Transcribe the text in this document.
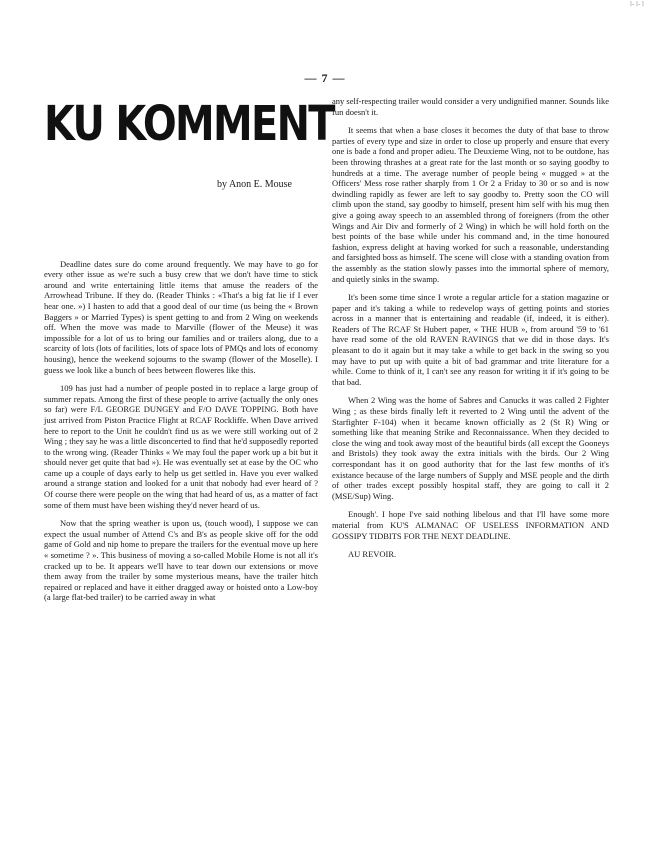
l- l- l
— 7 —
KU KOMMENT
by Anon E. Mouse

Deadline dates sure do come around frequently. We may have to go for every other issue as we're such a busy crew that we don't have time to stick around and write entertaining little items that amuse the readers of the Arrowhead Tribune. If they do. (Reader Thinks : «That's a big fat lie if I ever hear one. ») I hasten to add that a good deal of our time (us being the « Brown Baggers » or Married Types) is spent getting to and from 2 Wing on weekends off. When the move was made to Marville (flower of the Meuse) it was impossible for a lot of us to bring our families and or trailers along, due to a scarcity of lots (lots of facilities, lots of space lots of PMQs and lots of economy housing), hence the weekend sojourns to the swamp (flower of the Moselle). I guess we look like a bunch of bees between floweres like this.

109 has just had a number of people posted in to replace a large group of summer repats. Among the first of these people to arrive (actually the only ones so far) were F/L GEORGE DUNGEY and F/O DAVE TOPPING. Both have just arrived from Piston Practice Flight at RCAF Rockliffe. When Dave arrived here to report to the Unit he couldn't find us as we were still working out of 2 Wing ; they say he was a little disconcerted to find that he'd supposedly reported to the wrong wing. (Reader Thinks « We may foul the paper work up a bit but it should never get quite that bad »). He was eventually set at ease by the OC who came up a couple of days early to help us get settled in. Have you ever walked around a strange station and looked for a unit that nobody had ever heard of ? Of course there were people on the wing that had heard of us, as a matter of fact some of them must have been wishing they'd never heard of us.

Now that the spring weather is upon us, (touch wood), I suppose we can expect the usual number of Attend C's and B's as people skive off for the odd game of Gold and nip home to prepare the trailers for the eventual move up here « sometime ? ». This business of moving a so-called Mobile Home is not all it's cracked up to be. It appears we'll have to tear down our extensions or move them away from the trailer by some mysterious means, have the trailer hitch repaired or replaced and have it either dragged away or hoisted onto a Low-boy (a large flat-bed trailer) to be carried away in what

any self-respecting trailer would consider a very undignified manner. Sounds like fun doesn't it.

It seems that when a base closes it becomes the duty of that base to throw parties of every type and size in order to close up properly and ensure that every one is bade a fond and proper adieu. The Deuxieme Wing, not to be outdone, has been throwing thrashes at a great rate for the last month or so saying goodby to hundreds at a time. The average number of people being « mugged » at the Officers' Mess rose rather sharply from 1 Or 2 a Friday to 30 or so and is now dwindling rapidly as fewer are left to say goodby to. Pretty soon the CO will climb upon the stand, say goodby to himself, present him self with his mug then give a going away speech to an assembled throng of foreigners (from the other Wings and Air Div and formerly of 2 Wing) in which he will hold forth on the best points of the base while under his command and, in the time honoured fashion, express delight at having worked for such a reasonable, understanding and farsighted boss as himself. The scene will close with a standing ovation from the assembly as the station slowly passes into the immortal sphere of memory, and quietly sinks in the swamp.

It's been some time since I wrote a regular article for a station magazine or paper and it's taking a while to redevelop ways of getting points and stories across in a manner that is entertaining and readable (if, indeed, it is either). Readers of The RCAF St Hubert paper, « THE HUB », from around '59 to '61 have read some of the old RAVEN RAVINGS that we did in those days. It's pleasant to do it again but it may take a while to get back in the swing so you may have to put up with quite a bit of bad grammar and trite literature for a while. Come to think of it, I can't see any reason for writing it if it's going to be that bad.

When 2 Wing was the home of Sabres and Canucks it was called 2 Fighter Wing ; as these birds finally left it reverted to 2 Wing until the advent of the Starfighter F-104) when it became known officially as 2 (St R) Wing or something like that meaning Strike and Reconnaissance. When they decided to close the wing and took away most of the beautiful birds (all except the Gooneys and Bristols) they took away the extra initials with the birds. Our 2 Wing correspondant has it on good authority that for the last few months of it's existance because of the large numbers of Supply and MSE people and the dirth of other trades except possibly hospital staff, they are going to call it 2 (MSE/Sup) Wing.

Enough'. I hope I've said nothing libelous and that I'll have some more material from KU'S ALMANAC OF USELESS INFORMATION AND GOSSIPY TIDBITS FOR THE NEXT DEADLINE.

AU REVOIR.
